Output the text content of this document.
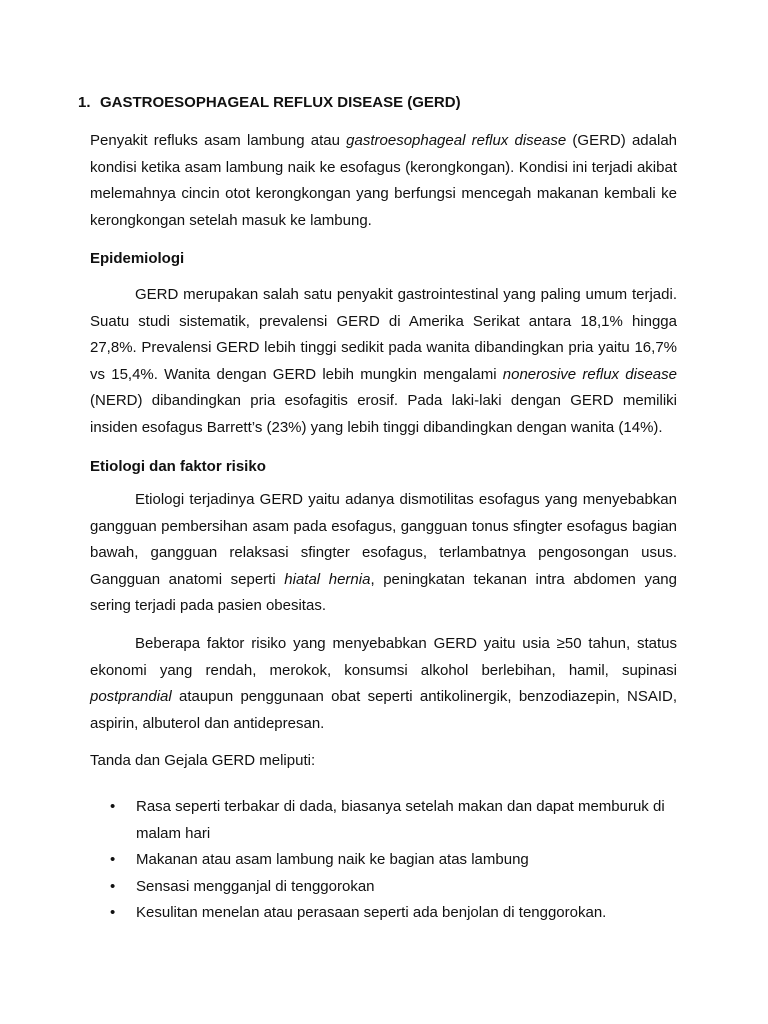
1. GASTROESOPHAGEAL REFLUX DISEASE (GERD)

Penyakit refluks asam lambung atau gastroesophageal reflux disease (GERD) adalah kondisi ketika asam lambung naik ke esofagus (kerongkongan). Kondisi ini terjadi akibat melemahnya cincin otot kerongkongan yang berfungsi mencegah makanan kembali ke kerongkongan setelah masuk ke lambung.

Epidemiologi

GERD merupakan salah satu penyakit gastrointestinal yang paling umum terjadi. Suatu studi sistematik, prevalensi GERD di Amerika Serikat antara 18,1% hingga 27,8%. Prevalensi GERD lebih tinggi sedikit pada wanita dibandingkan pria yaitu 16,7% vs 15,4%. Wanita dengan GERD lebih mungkin mengalami nonerosive reflux disease (NERD) dibandingkan pria esofagitis erosif. Pada laki-laki dengan GERD memiliki insiden esofagus Barrett’s (23%) yang lebih tinggi dibandingkan dengan wanita (14%).

Etiologi dan faktor risiko

Etiologi terjadinya GERD yaitu adanya dismotilitas esofagus yang menyebabkan gangguan pembersihan asam pada esofagus, gangguan tonus sfingter esofagus bagian bawah, gangguan relaksasi sfingter esofagus, terlambatnya pengosongan usus. Gangguan anatomi seperti hiatal hernia, peningkatan tekanan intra abdomen yang sering terjadi pada pasien obesitas.

Beberapa faktor risiko yang menyebabkan GERD yaitu usia ≥50 tahun, status ekonomi yang rendah, merokok, konsumsi alkohol berlebihan, hamil, supinasi postprandial ataupun penggunaan obat seperti antikolinergik, benzodiazepin, NSAID, aspirin, albuterol dan antidepresan.

Tanda dan Gejala GERD meliputi:

• Rasa seperti terbakar di dada, biasanya setelah makan dan dapat memburuk di malam hari
• Makanan atau asam lambung naik ke bagian atas lambung
• Sensasi mengganjal di tenggorokan
• Kesulitan menelan atau perasaan seperti ada benjolan di tenggorokan.
